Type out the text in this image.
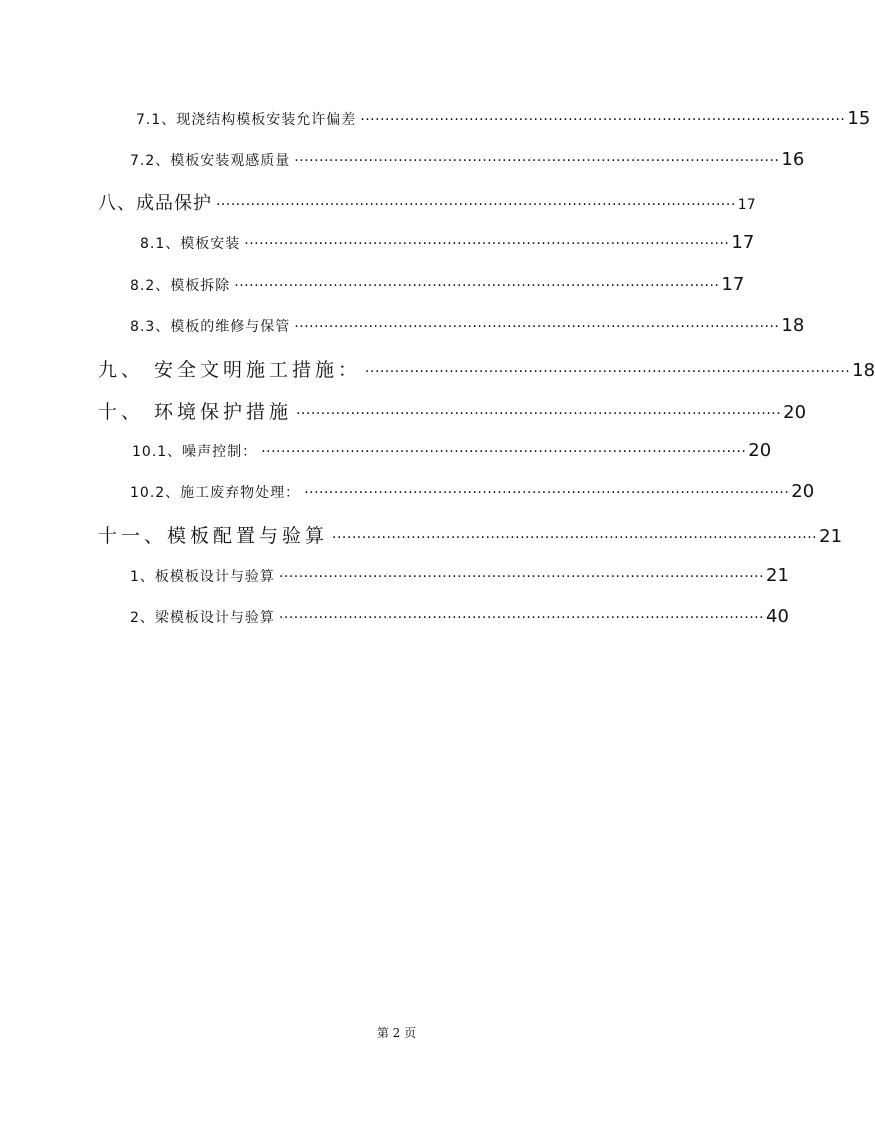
7.1、现浇结构模板安装允许偏差 ·································································································· 15
7.2、模板安装观感质量 ·································································································· 16
八、成品保护 ········································································································· 17
8.1、模板安装 ·································································································· 17
8.2、模板拆除 ·································································································· 17
8.3、模板的维修与保管 ·································································································· 18
九、 安全文明施工措施： ·································································································· 18
十、 环境保护措施 ·································································································· 20
10.1、噪声控制： ·································································································· 20
10.2、施工废弃物处理： ·································································································· 20
十一、模板配置与验算 ·································································································· 21
1、板模板设计与验算 ·································································································· 21
2、梁模板设计与验算 ·································································································· 40
第 2 页
